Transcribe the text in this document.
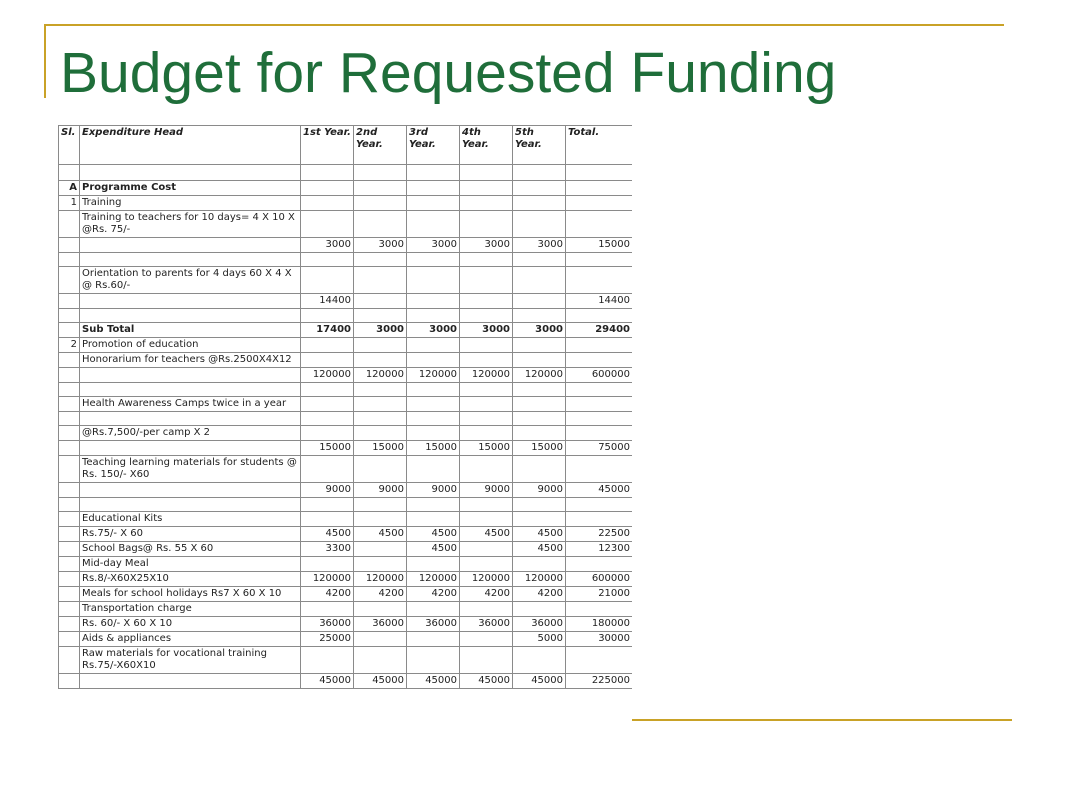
Budget for Requested Funding
Sl.	Expenditure Head	1st Year.	2nd Year.	3rd Year.	4th Year.	5th Year.	Total.

A	Programme Cost						
1	Training						
	Training to teachers for 10 days= 4 X 10 X @Rs. 75/-						
		3000	3000	3000	3000	3000	15000

	Orientation to parents for 4 days 60 X 4 X @ Rs.60/-						
		14400					14400

	Sub Total	17400	3000	3000	3000	3000	29400
2	Promotion of education						
	Honorarium for teachers @Rs.2500X4X12						
		120000	120000	120000	120000	120000	600000

	Health Awareness Camps twice in a year						

	@Rs.7,500/-per camp X 2						
		15000	15000	15000	15000	15000	75000
	Teaching learning materials for students @ Rs. 150/- X60						
		9000	9000	9000	9000	9000	45000

	Educational Kits						
	Rs.75/- X 60	4500	4500	4500	4500	4500	22500
	School Bags@ Rs. 55 X 60	3300		4500		4500	12300
	Mid-day Meal						
	Rs.8/-X60X25X10	120000	120000	120000	120000	120000	600000
	Meals for school holidays Rs7 X 60 X 10	4200	4200	4200	4200	4200	21000
	Transportation charge						
	Rs. 60/- X 60 X 10	36000	36000	36000	36000	36000	180000
	Aids & appliances	25000				5000	30000
	Raw materials for vocational training Rs.75/-X60X10						
		45000	45000	45000	45000	45000	225000
